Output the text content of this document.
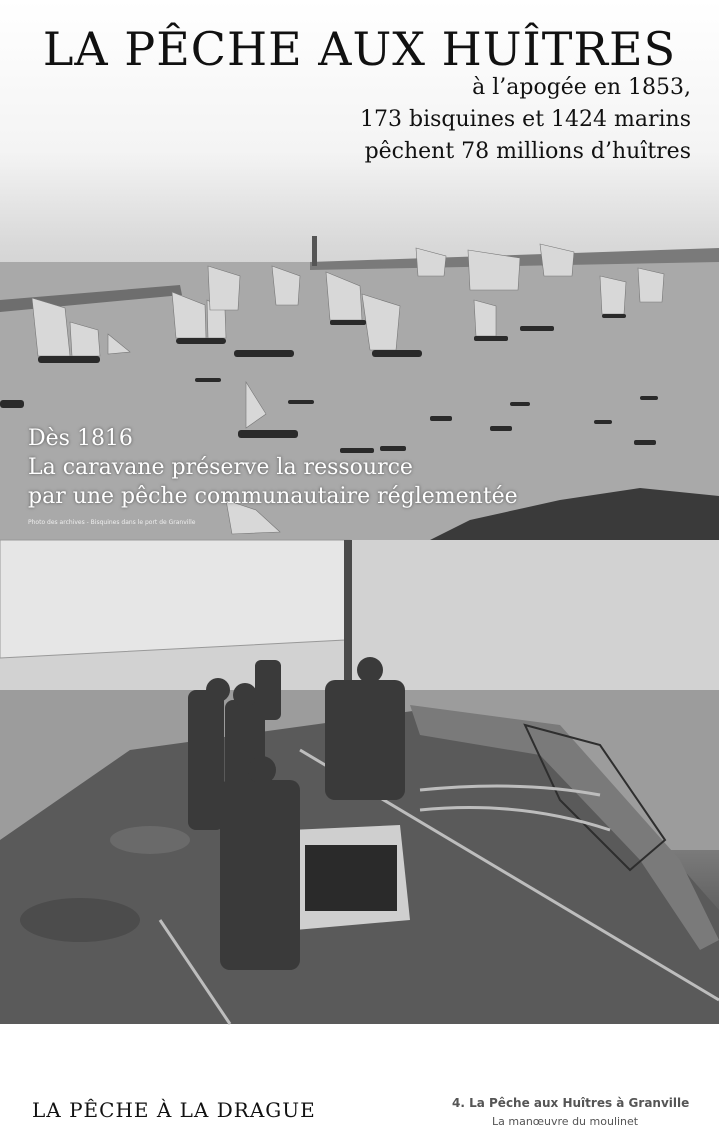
LA PÊCHE AUX HUÎTRES
à l’apogée en 1853,
173 bisquines et 1424 marins
pêchent 78 millions d’huîtres
Dès 1816
La caravane préserve la ressource
par une pêche communautaire réglementée
Photo des archives - Bisquines dans le port de Granville
LA PÊCHE À LA DRAGUE	4. La Pêche aux Huîtres à Granville
La manœuvre du moulinet
